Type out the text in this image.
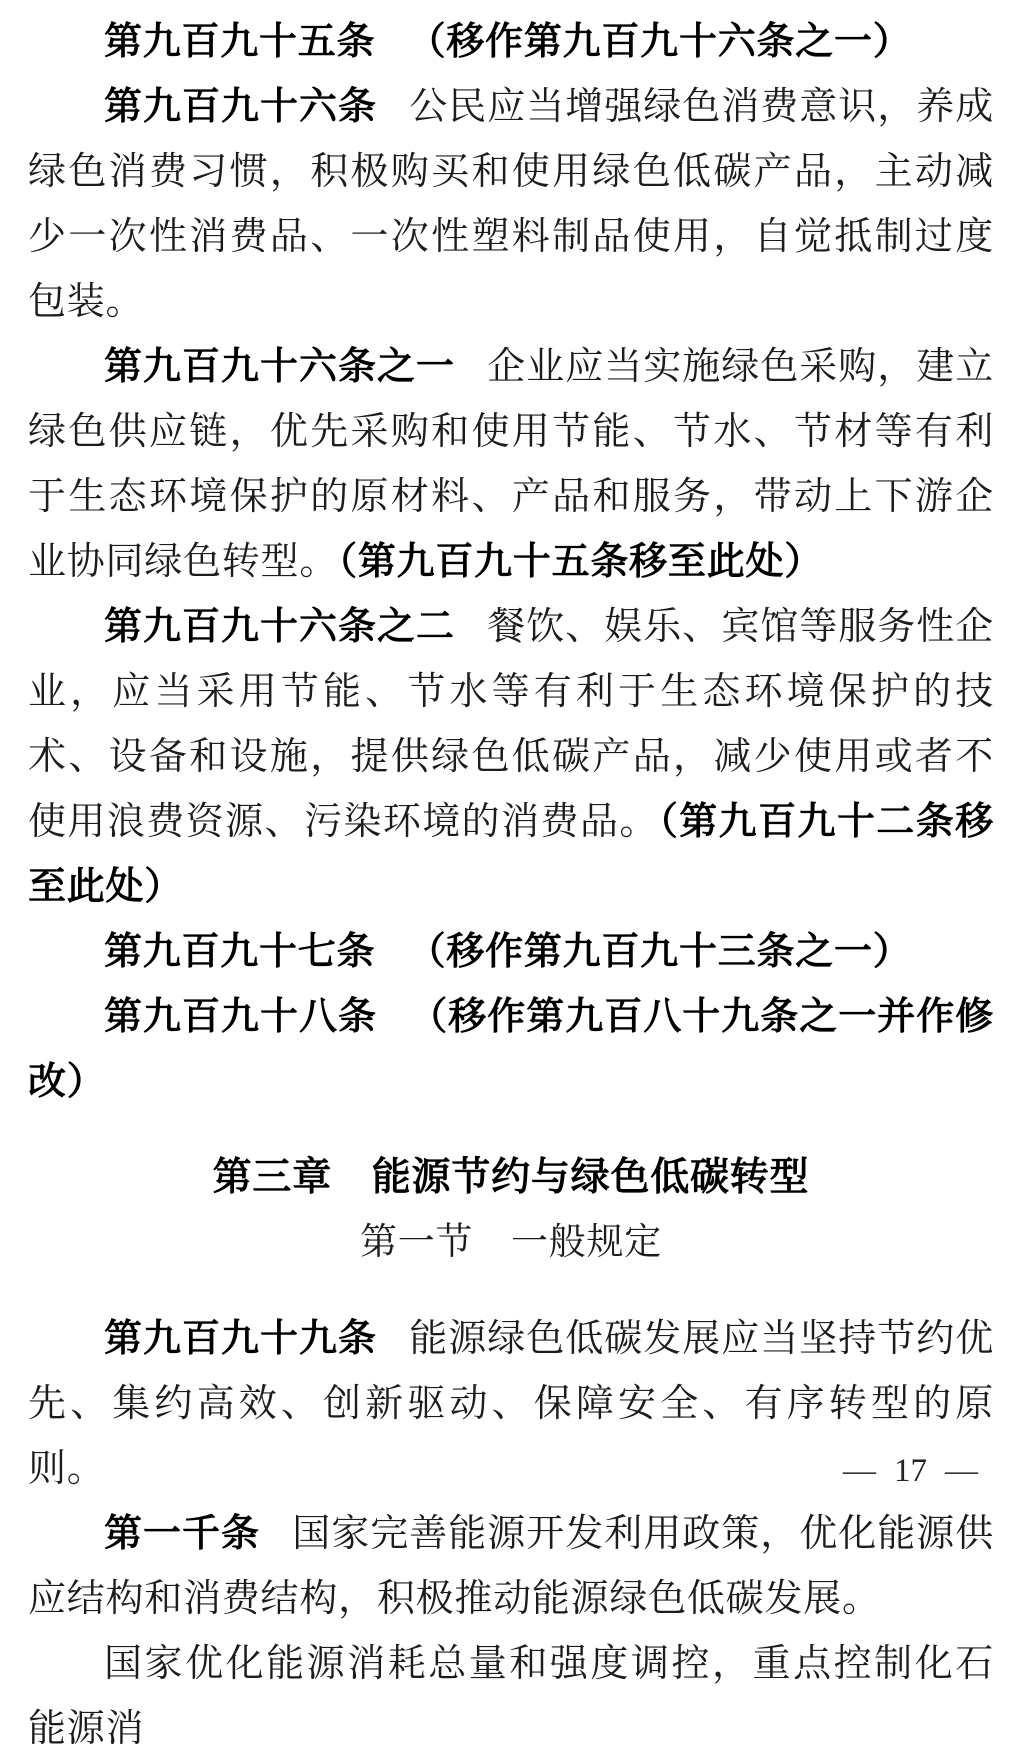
第九百九十五条 （移作第九百九十六条之一）

第九百九十六条 公民应当增强绿色消费意识，养成绿色消费习惯，积极购买和使用绿色低碳产品，主动减少一次性消费品、一次性塑料制品使用，自觉抵制过度包装。

第九百九十六条之一 企业应当实施绿色采购，建立绿色供应链，优先采购和使用节能、节水、节材等有利于生态环境保护的原材料、产品和服务，带动上下游企业协同绿色转型。（第九百九十五条移至此处）

第九百九十六条之二 餐饮、娱乐、宾馆等服务性企业，应当采用节能、节水等有利于生态环境保护的技术、设备和设施，提供绿色低碳产品，减少使用或者不使用浪费资源、污染环境的消费品。（第九百九十二条移至此处）

第九百九十七条 （移作第九百九十三条之一）

第九百九十八条 （移作第九百八十九条之一并作修改）

第三章　能源节约与绿色低碳转型

第一节　一般规定

第九百九十九条 能源绿色低碳发展应当坚持节约优先、集约高效、创新驱动、保障安全、有序转型的原则。

第一千条 国家完善能源开发利用政策，优化能源供应结构和消费结构，积极推动能源绿色低碳发展。

国家优化能源消耗总量和强度调控，重点控制化石能源消

— 17 —
